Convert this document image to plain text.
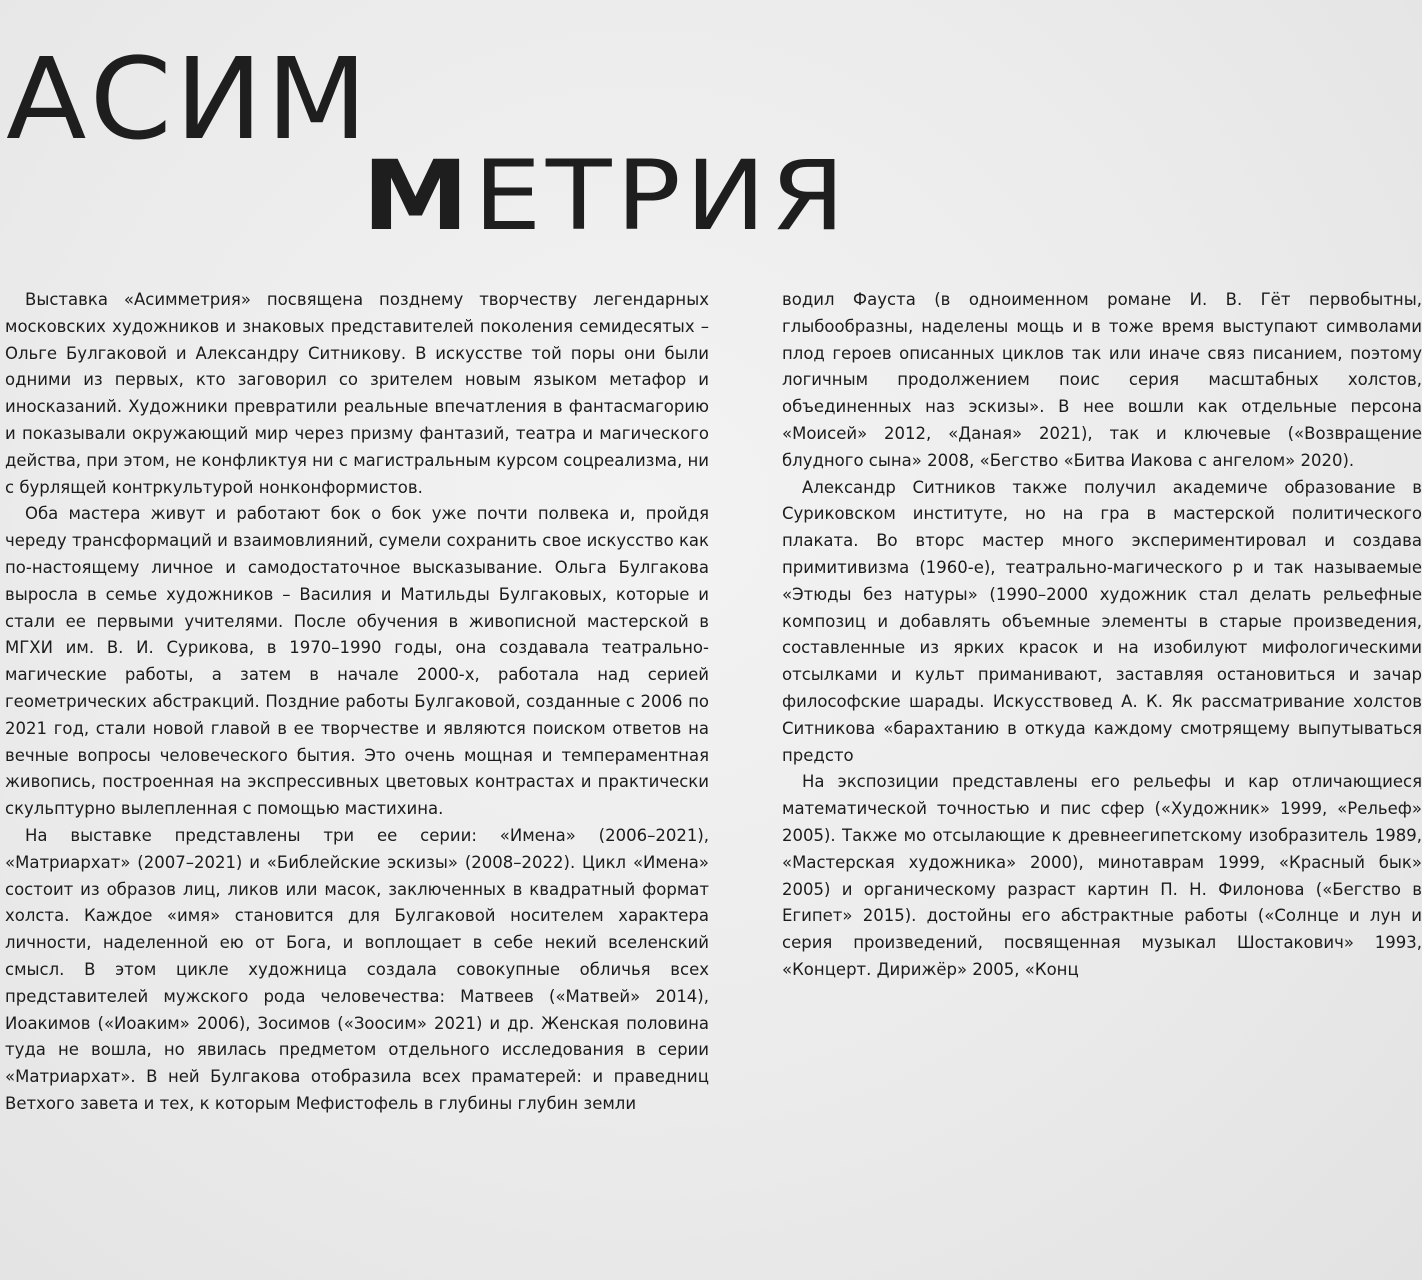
АСИМ
МЕТРИЯ

Выставка «Асимметрия» посвящена позднему творчеству легендарных московских художников и знаковых представителей поколения семидесятых – Ольге Булгаковой и Александру Ситникову. В искусстве той поры они были одними из первых, кто заговорил со зрителем новым языком метафор и иносказаний. Художники превратили реальные впечатления в фантасмагорию и показывали окружающий мир через призму фантазий, театра и магического действа, при этом, не конфликтуя ни с магистральным курсом соцреализма, ни с бурлящей контркультурой нонконформистов.

Оба мастера живут и работают бок о бок уже почти полвека и, пройдя череду трансформаций и взаимовлияний, сумели сохранить свое искусство как по-настоящему личное и самодостаточное высказывание. Ольга Булгакова выросла в семье художников – Василия и Матильды Булгаковых, которые и стали ее первыми учителями. После обучения в живописной мастерской в МГХИ им. В. И. Сурикова, в 1970–1990 годы, она создавала театрально-магические работы, а затем в начале 2000-х, работала над серией геометрических абстракций. Поздние работы Булгаковой, созданные с 2006 по 2021 год, стали новой главой в ее творчестве и являются поиском ответов на вечные вопросы человеческого бытия. Это очень мощная и темпераментная живопись, построенная на экспрессивных цветовых контрастах и практически скульптурно вылепленная с помощью мастихина.

На выставке представлены три ее серии: «Имена» (2006–2021), «Матриархат» (2007–2021) и «Библейские эскизы» (2008–2022). Цикл «Имена» состоит из образов лиц, ликов или масок, заключенных в квадратный формат холста. Каждое «имя» становится для Булгаковой носителем характера личности, наделенной ею от Бога, и воплощает в себе некий вселенский смысл. В этом цикле художница создала совокупные обличья всех представителей мужского рода человечества: Матвеев («Матвей» 2014), Иоакимов («Иоаким» 2006), Зосимов («Зоосим» 2021) и др. Женская половина туда не вошла, но явилась предметом отдельного исследования в серии «Матриархат». В ней Булгакова отобразила всех праматерей: и праведниц Ветхого завета и тех, к которым Мефистофель в глубины глубин земли

водил Фауста (в одноименном романе И. В. Гёт первобытны, глыбообразны, наделены мощь и в тоже время выступают символами плод героев описанных циклов так или иначе связ писанием, поэтому логичным продолжением поис серия масштабных холстов, объединенных наз эскизы». В нее вошли как отдельные персона «Моисей» 2012, «Даная» 2021), так и ключевые («Возвращение блудного сына» 2008, «Бегство «Битва Иакова с ангелом» 2020).

Александр Ситников также получил академиче образование в Суриковском институте, но на гра в мастерской политического плаката. Во вторс мастер много экспериментировал и создава примитивизма (1960-е), театрально-магического р и так называемые «Этюды без натуры» (1990–2000 художник стал делать рельефные композиц и добавлять объемные элементы в старые произведения, составленные из ярких красок и на изобилуют мифологическими отсылками и культ приманивают, заставляя остановиться и зачар философские шарады. Искусствовед А. К. Як рассматривание холстов Ситникова «барахтанию в откуда каждому смотрящему выпутываться предсто

На экспозиции представлены его рельефы и кар отличающиеся математической точностью и пис сфер («Художник» 1999, «Рельеф» 2005). Также мо отсылающие к древнеегипетскому изобразитель 1989, «Мастерская художника» 2000), минотаврам 1999, «Красный бык» 2005) и органическому разраст картин П. Н. Филонова («Бегство в Египет» 2015). достойны его абстрактные работы («Солнце и лун и серия произведений, посвященная музыкал Шостакович» 1993, «Концерт. Дирижёр» 2005, «Конц
